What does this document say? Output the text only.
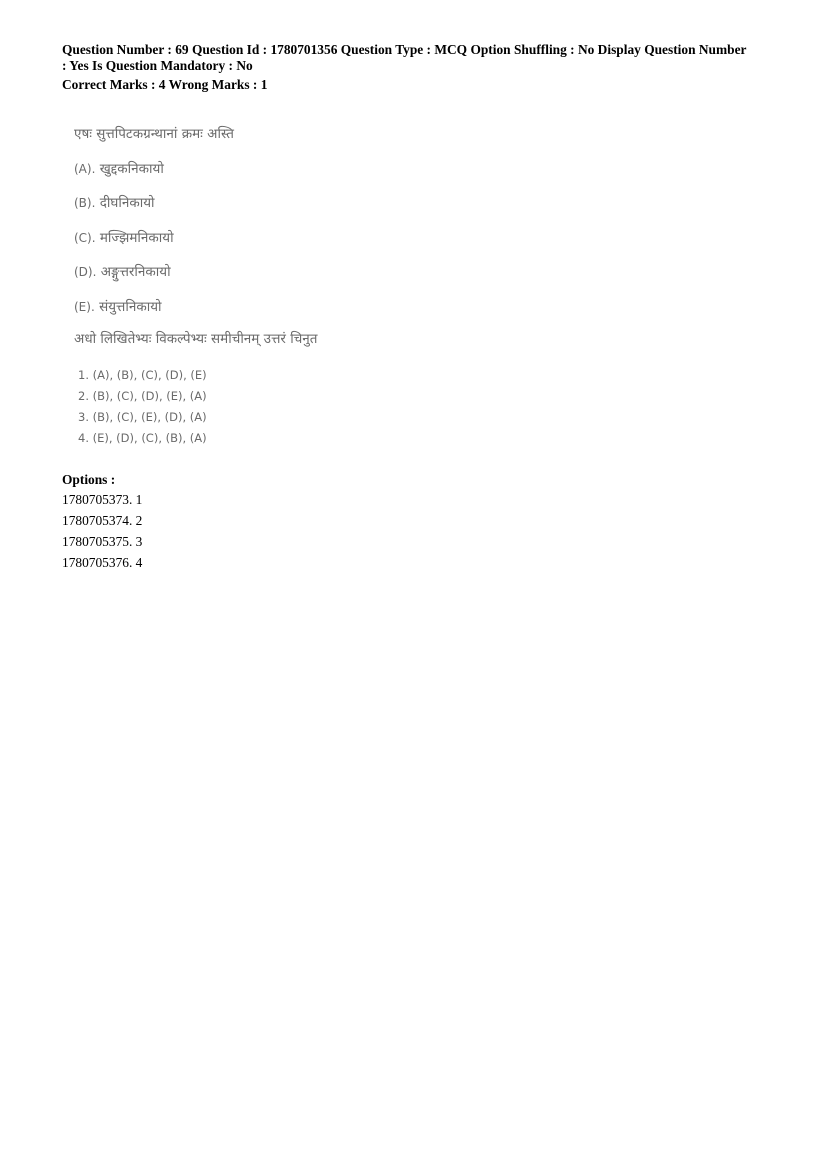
Question Number : 69 Question Id : 1780701356 Question Type : MCQ Option Shuffling : No Display Question Number
: Yes Is Question Mandatory : No
Correct Marks : 4 Wrong Marks : 1
एषः सुत्तपिटकग्रन्थानां क्रमः अस्ति
(A). खुद्दकनिकायो
(B). दीघनिकायो
(C). मज्झिमनिकायो
(D). अङ्गुत्तरनिकायो
(E). संयुत्तनिकायो
अधो लिखितेभ्यः विकल्पेभ्यः समीचीनम् उत्तरं चिनुत
1. (A), (B), (C), (D), (E)
2. (B), (C), (D), (E), (A)
3. (B), (C), (E), (D), (A)
4. (E), (D), (C), (B), (A)
Options :
1780705373. 1
1780705374. 2
1780705375. 3
1780705376. 4
